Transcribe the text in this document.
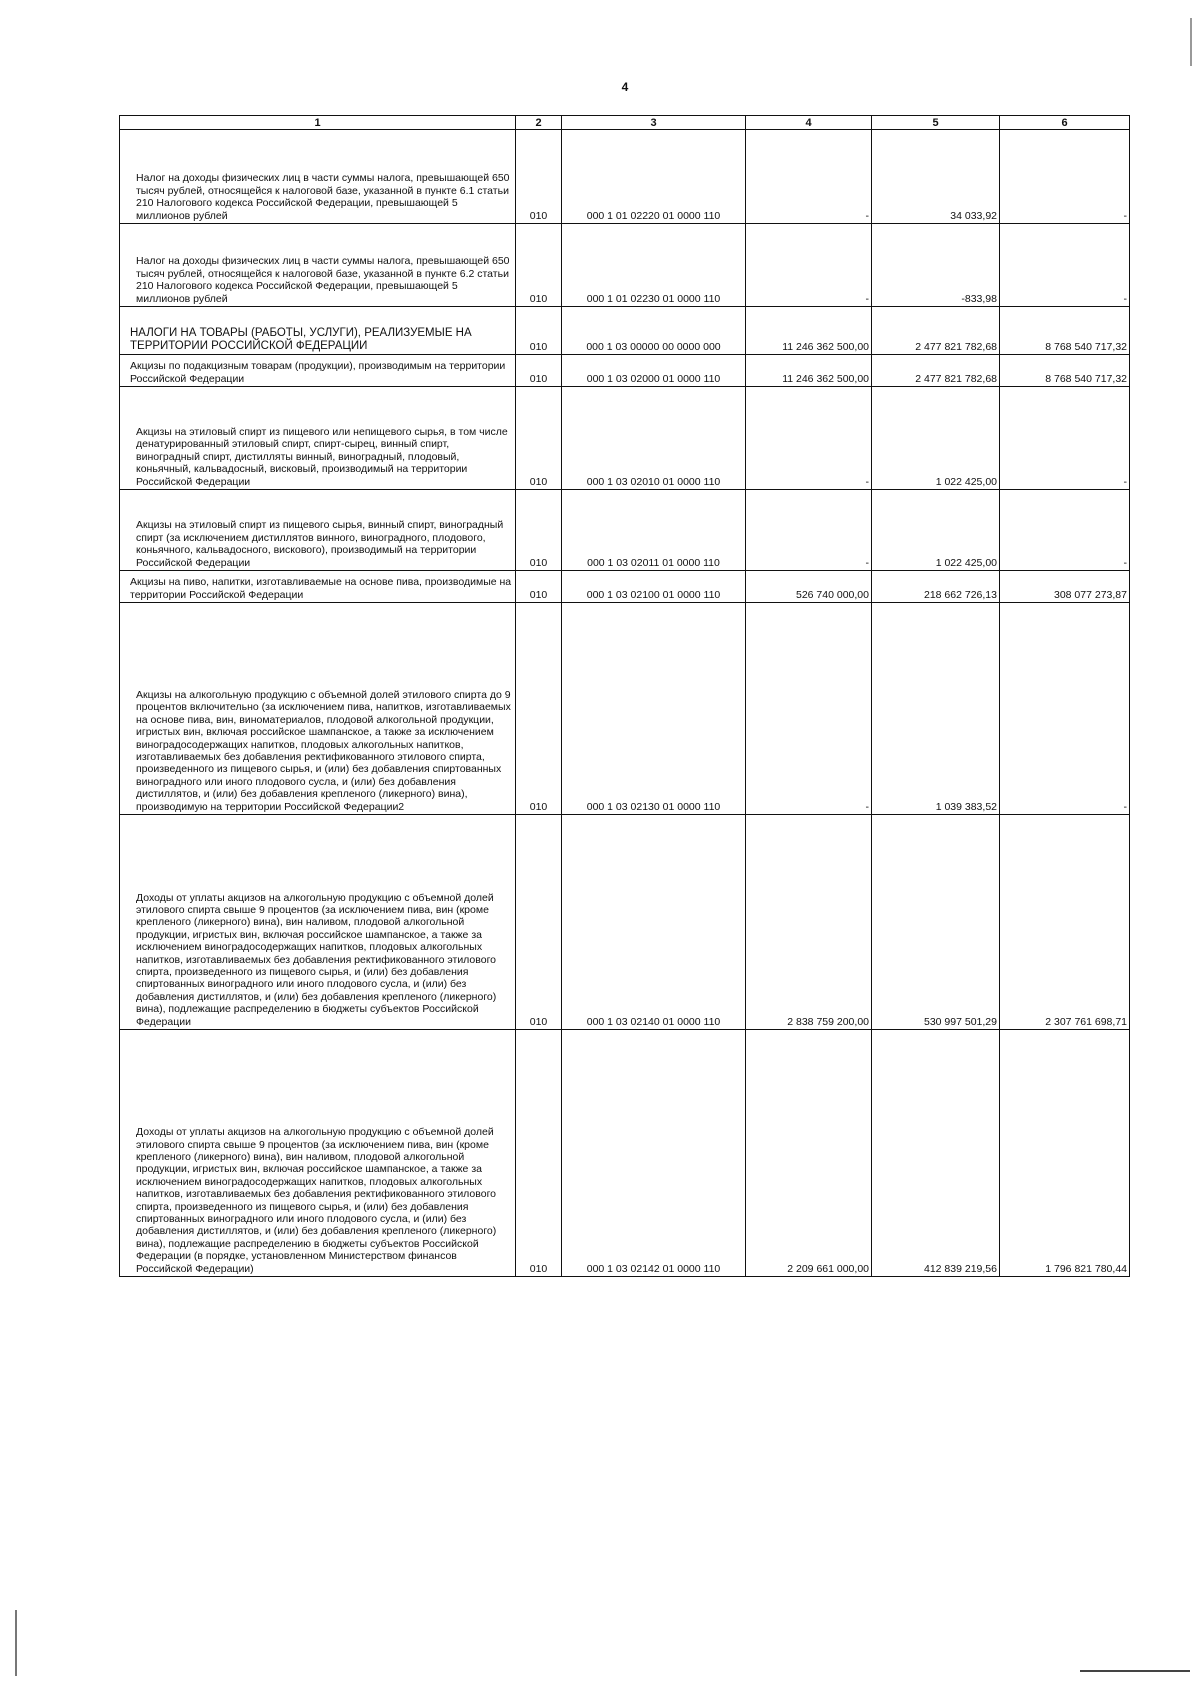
4
1	2	3	4	5	6

Налог на доходы физических лиц в части суммы налога, превышающей 650 тысяч рублей, относящейся к налоговой базе, указанной в пункте 6.1 статьи 210 Налогового кодекса Российской Федерации, превышающей 5 миллионов рублей	010	000 1 01 02220 01 0000 110	-	34 033,92	-

Налог на доходы физических лиц в части суммы налога, превышающей 650 тысяч рублей, относящейся к налоговой базе, указанной в пункте 6.2 статьи 210 Налогового кодекса Российской Федерации, превышающей 5 миллионов рублей	010	000 1 01 02230 01 0000 110	-	-833,98	-

НАЛОГИ НА ТОВАРЫ (РАБОТЫ, УСЛУГИ), РЕАЛИЗУЕМЫЕ НА ТЕРРИТОРИИ РОССИЙСКОЙ ФЕДЕРАЦИИ	010	000 1 03 00000 00 0000 000	11 246 362 500,00	2 477 821 782,68	8 768 540 717,32

Акцизы по подакцизным товарам (продукции), производимым на территории Российской Федерации	010	000 1 03 02000 01 0000 110	11 246 362 500,00	2 477 821 782,68	8 768 540 717,32

Акцизы на этиловый спирт из пищевого или непищевого сырья, в том числе денатурированный этиловый спирт, спирт-сырец, винный спирт, виноградный спирт, дистилляты винный, виноградный, плодовый, коньячный, кальвадосный, висковый, производимый на территории Российской Федерации	010	000 1 03 02010 01 0000 110	-	1 022 425,00	-

Акцизы на этиловый спирт из пищевого сырья, винный спирт, виноградный спирт (за исключением дистиллятов винного, виноградного, плодового, коньячного, кальвадосного, вискового), производимый на территории Российской Федерации	010	000 1 03 02011 01 0000 110	-	1 022 425,00	-

Акцизы на пиво, напитки, изготавливаемые на основе пива, производимые на территории Российской Федерации	010	000 1 03 02100 01 0000 110	526 740 000,00	218 662 726,13	308 077 273,87

Акцизы на алкогольную продукцию с объемной долей этилового спирта до 9 процентов включительно (за исключением пива, напитков, изготавливаемых на основе пива, вин, виноматериалов, плодовой алкогольной продукции, игристых вин, включая российское шампанское, а также за исключением виноградосодержащих напитков, плодовых алкогольных напитков, изготавливаемых без добавления ректификованного этилового спирта, произведенного из пищевого сырья, и (или) без добавления спиртованных виноградного или иного плодового сусла, и (или) без добавления дистиллятов, и (или) без добавления крепленого (ликерного) вина), производимую на территории Российской Федерации2	010	000 1 03 02130 01 0000 110	-	1 039 383,52	-

Доходы от уплаты акцизов на алкогольную продукцию с объемной долей этилового спирта свыше 9 процентов (за исключением пива, вин (кроме крепленого (ликерного) вина), вин наливом, плодовой алкогольной продукции, игристых вин, включая российское шампанское, а также за исключением виноградосодержащих напитков, плодовых алкогольных напитков, изготавливаемых без добавления ректификованного этилового спирта, произведенного из пищевого сырья, и (или) без добавления спиртованных виноградного или иного плодового сусла, и (или) без добавления дистиллятов, и (или) без добавления крепленого (ликерного) вина), подлежащие распределению в бюджеты субъектов Российской Федерации	010	000 1 03 02140 01 0000 110	2 838 759 200,00	530 997 501,29	2 307 761 698,71

Доходы от уплаты акцизов на алкогольную продукцию с объемной долей этилового спирта свыше 9 процентов (за исключением пива, вин (кроме крепленого (ликерного) вина), вин наливом, плодовой алкогольной продукции, игристых вин, включая российское шампанское, а также за исключением виноградосодержащих напитков, плодовых алкогольных напитков, изготавливаемых без добавления ректификованного этилового спирта, произведенного из пищевого сырья, и (или) без добавления спиртованных виноградного или иного плодового сусла, и (или) без добавления дистиллятов, и (или) без добавления крепленого (ликерного) вина), подлежащие распределению в бюджеты субъектов Российской Федерации (в порядке, установленном Министерством финансов Российской Федерации)	010	000 1 03 02142 01 0000 110	2 209 661 000,00	412 839 219,56	1 796 821 780,44
